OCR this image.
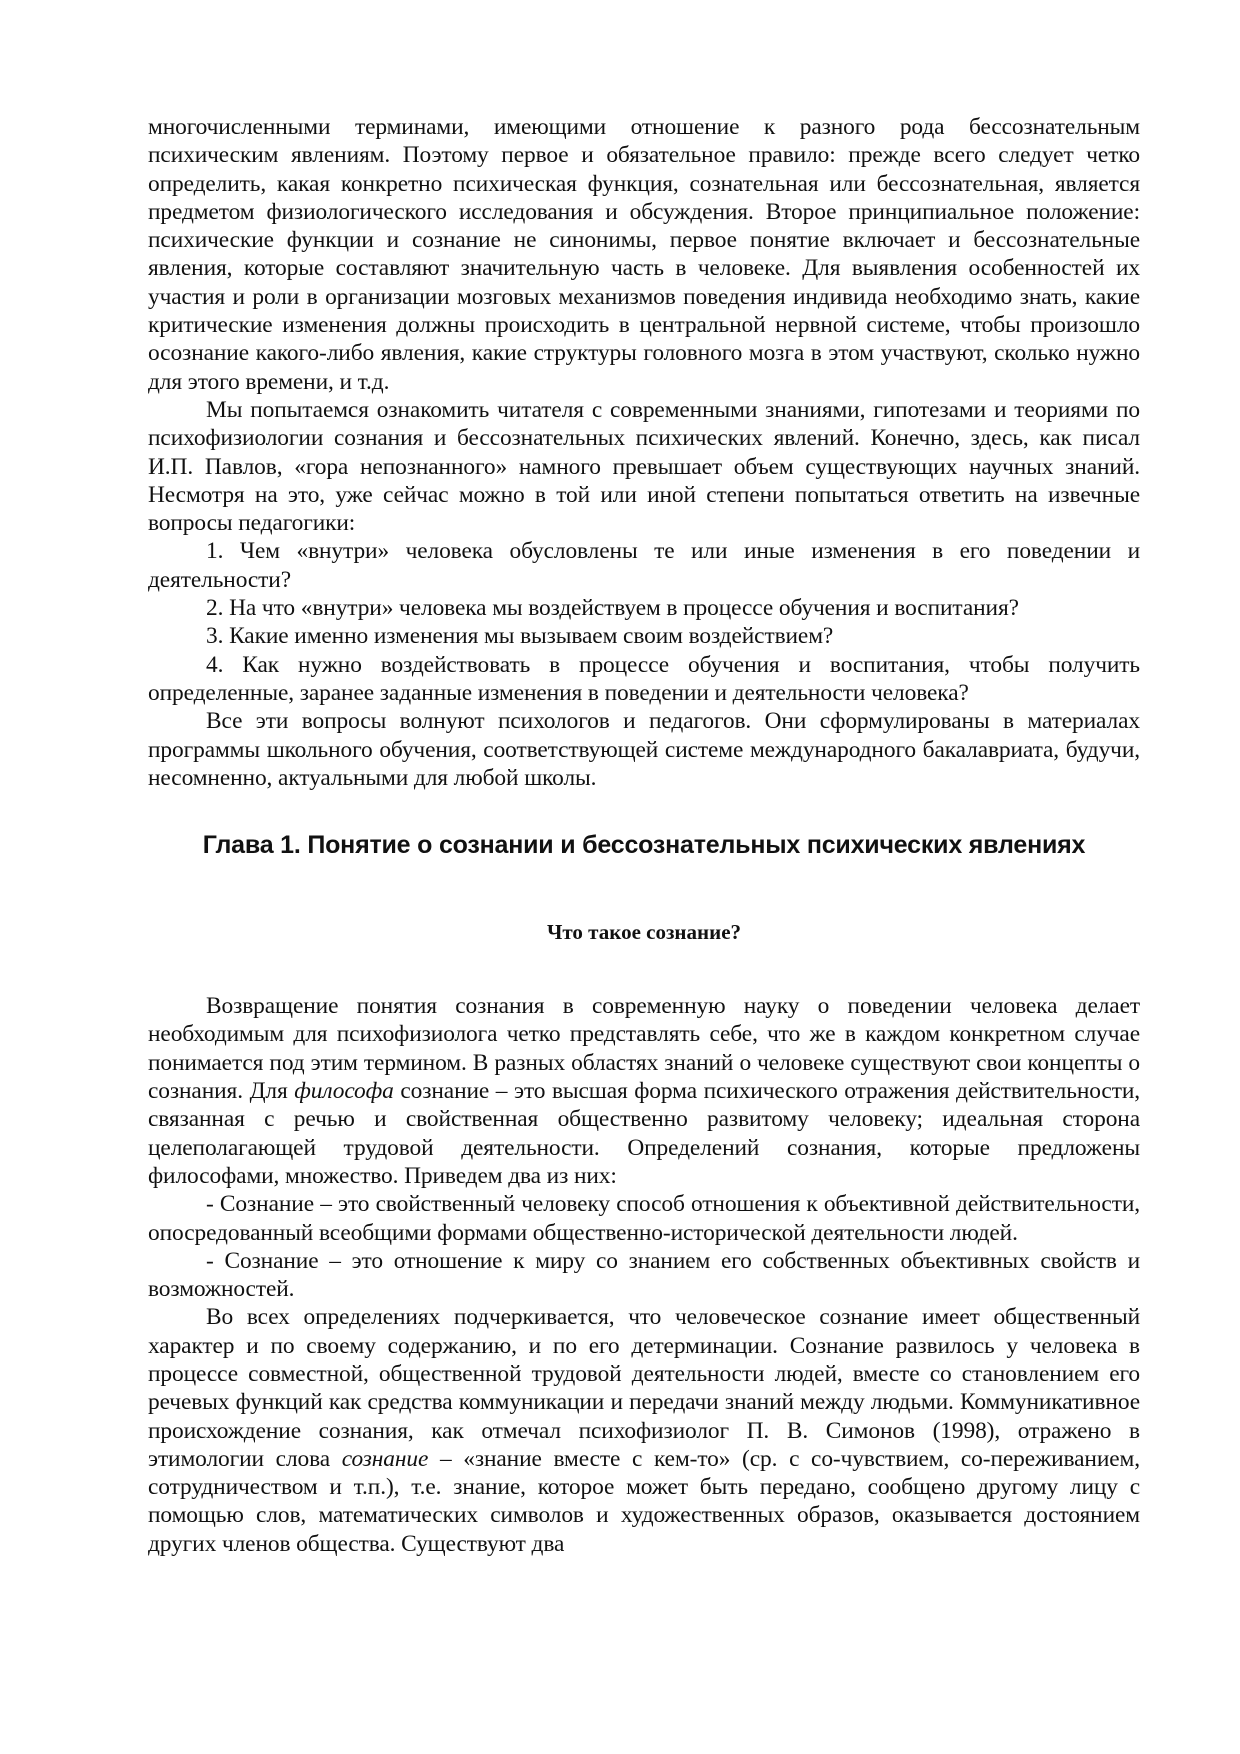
многочисленными терминами, имеющими отношение к разного рода бессознательным психическим явлениям. Поэтому первое и обязательное правило: прежде всего следует четко определить, какая конкретно психическая функция, сознательная или бессознательная, является предметом физиологического исследования и обсуждения. Второе принципиальное положение: психические функции и сознание не синонимы, первое понятие включает и бессознательные явления, которые составляют значительную часть в человеке. Для выявления особенностей их участия и роли в организации мозговых механизмов поведения индивида необходимо знать, какие критические изменения должны происходить в центральной нервной системе, чтобы произошло осознание какого-либо явления, какие структуры головного мозга в этом участвуют, сколько нужно для этого времени, и т.д.

Мы попытаемся ознакомить читателя с современными знаниями, гипотезами и теориями по психофизиологии сознания и бессознательных психических явлений. Конечно, здесь, как писал И.П. Павлов, «гора непознанного» намного превышает объем существующих научных знаний. Несмотря на это, уже сейчас можно в той или иной степени попытаться ответить на извечные вопросы педагогики:

1. Чем «внутри» человека обусловлены те или иные изменения в его поведении и деятельности?

2. На что «внутри» человека мы воздействуем в процессе обучения и воспитания?

3. Какие именно изменения мы вызываем своим воздействием?

4. Как нужно воздействовать в процессе обучения и воспитания, чтобы получить определенные, заранее заданные изменения в поведении и деятельности человека?

Все эти вопросы волнуют психологов и педагогов. Они сформулированы в материалах программы школьного обучения, соответствующей системе международного бакалавриата, будучи, несомненно, актуальными для любой школы.

Глава 1. Понятие о сознании и бессознательных психических явлениях
Что такое сознание?

Возвращение понятия сознания в современную науку о поведении человека делает необходимым для психофизиолога четко представлять себе, что же в каждом конкретном случае понимается под этим термином. В разных областях знаний о человеке существуют свои концепты о сознания. Для философа сознание – это высшая форма психического отражения действительности, связанная с речью и свойственная общественно развитому человеку; идеальная сторона целеполагающей трудовой деятельности. Определений сознания, которые предложены философами, множество. Приведем два из них:

- Сознание – это свойственный человеку способ отношения к объективной действительности, опосредованный всеобщими формами общественно-исторической деятельности людей.

- Сознание – это отношение к миру со знанием его собственных объективных свойств и возможностей.

Во всех определениях подчеркивается, что человеческое сознание имеет общественный характер и по своему содержанию, и по его детерминации. Сознание развилось у человека в процессе совместной, общественной трудовой деятельности людей, вместе со становлением его речевых функций как средства коммуникации и передачи знаний между людьми. Коммуникативное происхождение сознания, как отмечал психофизиолог П. В. Симонов (1998), отражено в этимологии слова сознание – «знание вместе с кем-то» (ср. с со-чувствием, со-переживанием, сотрудничеством и т.п.), т.е. знание, которое может быть передано, сообщено другому лицу с помощью слов, математических символов и художественных образов, оказывается достоянием других членов общества. Существуют два
